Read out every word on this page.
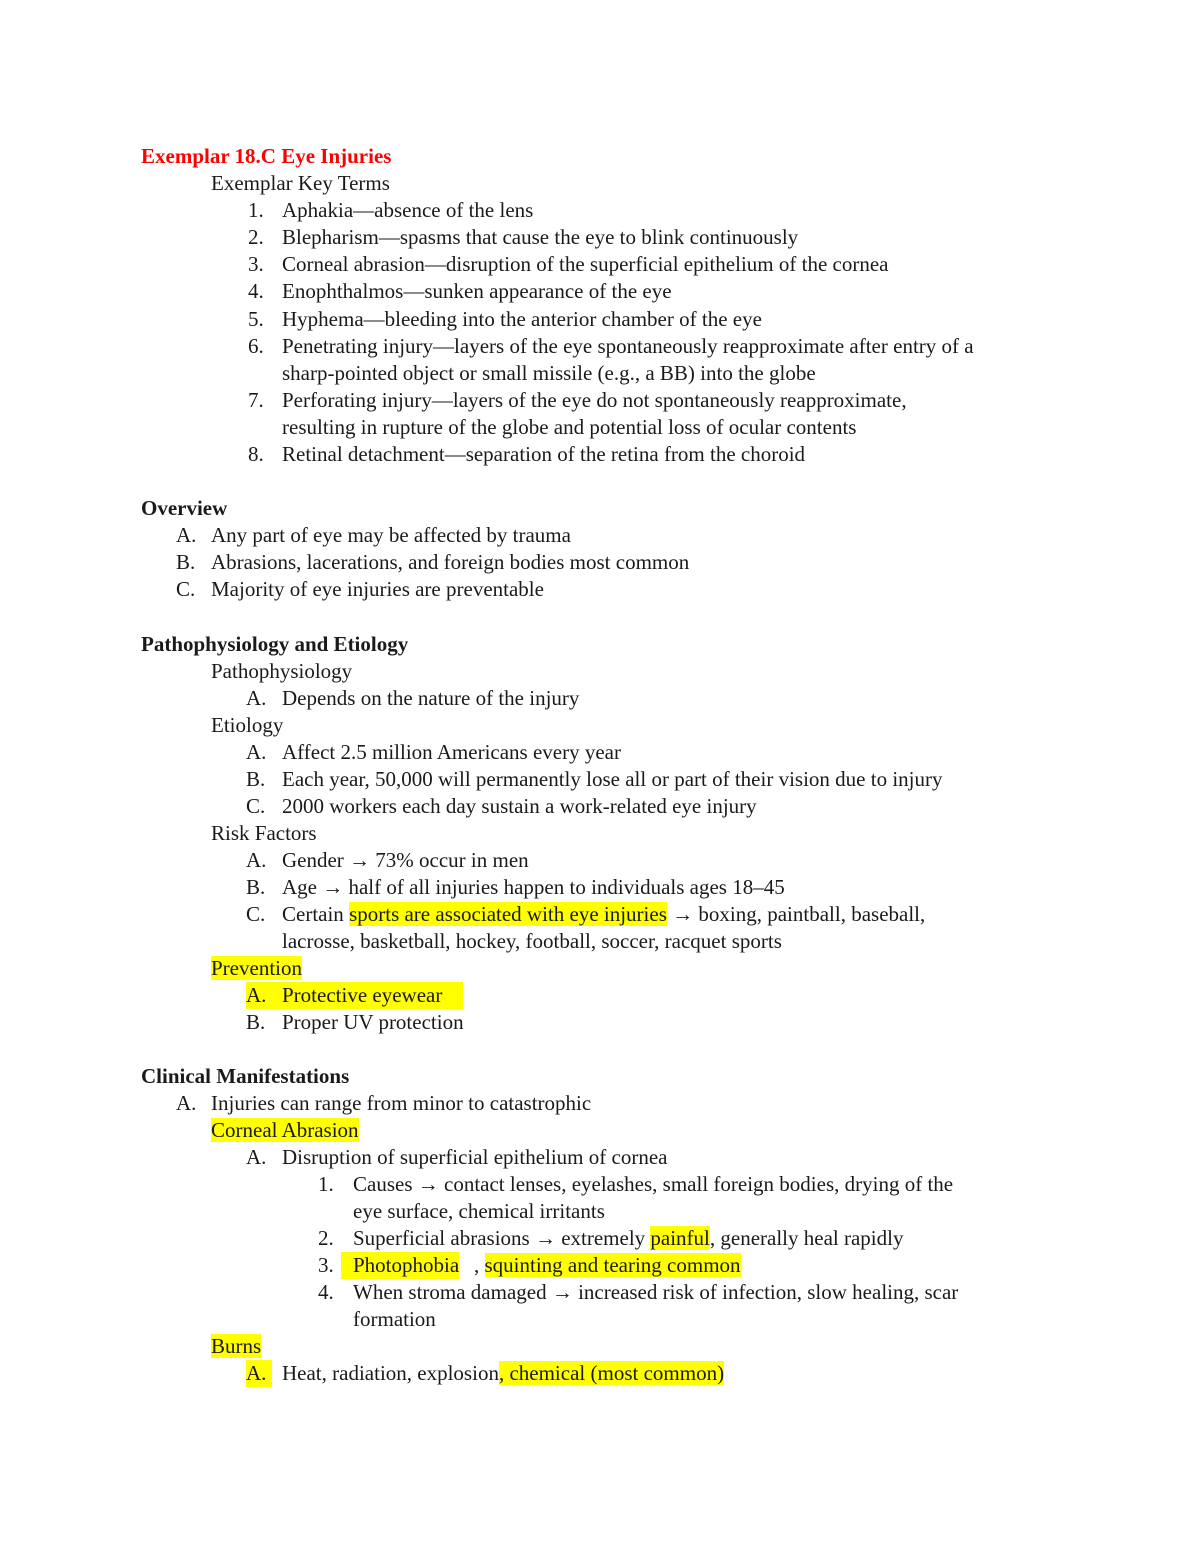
Exemplar 18.C Eye Injuries
Exemplar Key Terms
1. Aphakia—absence of the lens
2. Blepharism—spasms that cause the eye to blink continuously
3. Corneal abrasion—disruption of the superficial epithelium of the cornea
4. Enophthalmos—sunken appearance of the eye
5. Hyphema—bleeding into the anterior chamber of the eye
6. Penetrating injury—layers of the eye spontaneously reapproximate after entry of a
sharp-pointed object or small missile (e.g., a BB) into the globe
7. Perforating injury—layers of the eye do not spontaneously reapproximate,
resulting in rupture of the globe and potential loss of ocular contents
8. Retinal detachment—separation of the retina from the choroid
Overview
A. Any part of eye may be affected by trauma
B. Abrasions, lacerations, and foreign bodies most common
C. Majority of eye injuries are preventable
Pathophysiology and Etiology
Pathophysiology
A. Depends on the nature of the injury
Etiology
A. Affect 2.5 million Americans every year
B. Each year, 50,000 will permanently lose all or part of their vision due to injury
C. 2000 workers each day sustain a work-related eye injury
Risk Factors
A. Gender → 73% occur in men
B. Age → half of all injuries happen to individuals ages 18–45
C. Certain sports are associated with eye injuries → boxing, paintball, baseball,
lacrosse, basketball, hockey, football, soccer, racquet sports
Prevention
A. Protective eyewear
B. Proper UV protection
Clinical Manifestations
A. Injuries can range from minor to catastrophic
Corneal Abrasion
A. Disruption of superficial epithelium of cornea
1. Causes → contact lenses, eyelashes, small foreign bodies, drying of the
eye surface, chemical irritants
2. Superficial abrasions → extremely painful, generally heal rapidly
3. Photophobia , squinting and tearing common
4. When stroma damaged → increased risk of infection, slow healing, scar
formation
Burns
A. Heat, radiation, explosion, chemical (most common)
